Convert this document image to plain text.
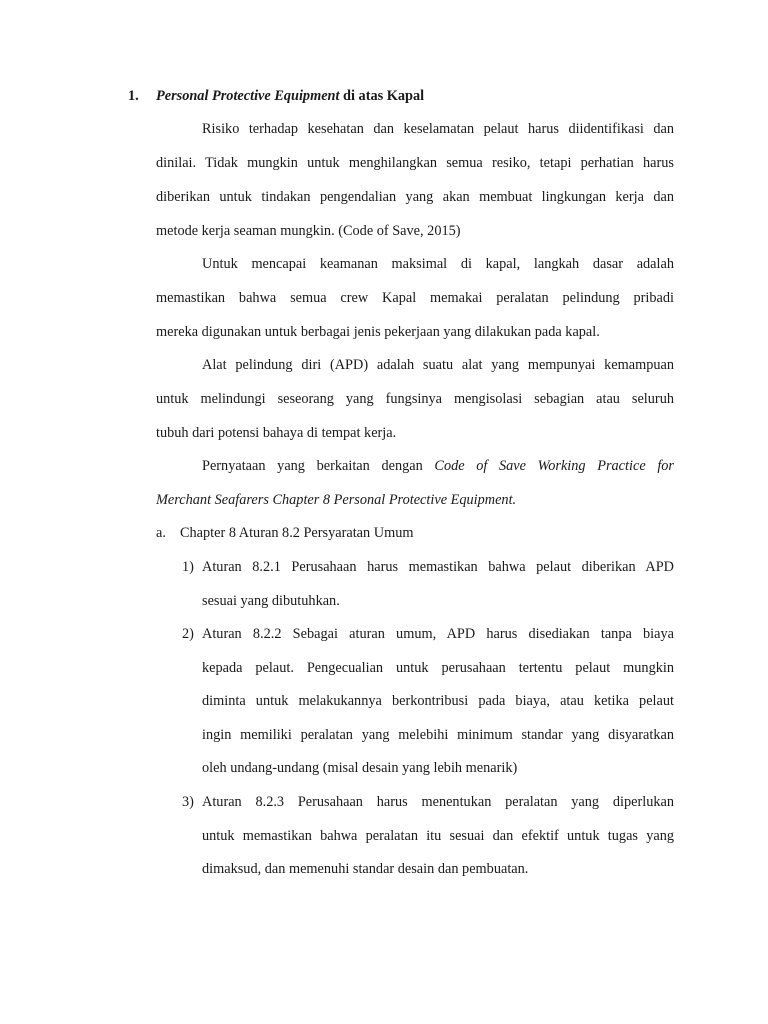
1. Personal Protective Equipment di atas Kapal
Risiko terhadap kesehatan dan keselamatan pelaut harus diidentifikasi dan
dinilai. Tidak mungkin untuk menghilangkan semua resiko, tetapi perhatian harus
diberikan untuk tindakan pengendalian yang akan membuat lingkungan kerja dan
metode kerja seaman mungkin. (Code of Save, 2015)
Untuk mencapai keamanan maksimal di kapal, langkah dasar adalah
memastikan bahwa semua crew Kapal memakai peralatan pelindung pribadi
mereka digunakan untuk berbagai jenis pekerjaan yang dilakukan pada kapal.
Alat pelindung diri (APD) adalah suatu alat yang mempunyai kemampuan
untuk melindungi seseorang yang fungsinya mengisolasi sebagian atau seluruh
tubuh dari potensi bahaya di tempat kerja.
Pernyataan yang berkaitan dengan Code of Save Working Practice for
Merchant Seafarers Chapter 8 Personal Protective Equipment.
a. Chapter 8 Aturan 8.2 Persyaratan Umum
1) Aturan 8.2.1 Perusahaan harus memastikan bahwa pelaut diberikan APD
sesuai yang dibutuhkan.
2) Aturan 8.2.2 Sebagai aturan umum, APD harus disediakan tanpa biaya
kepada pelaut. Pengecualian untuk perusahaan tertentu pelaut mungkin
diminta untuk melakukannya berkontribusi pada biaya, atau ketika pelaut
ingin memiliki peralatan yang melebihi minimum standar yang disyaratkan
oleh undang-undang (misal desain yang lebih menarik)
3) Aturan 8.2.3 Perusahaan harus menentukan peralatan yang diperlukan
untuk memastikan bahwa peralatan itu sesuai dan efektif untuk tugas yang
dimaksud, dan memenuhi standar desain dan pembuatan.
